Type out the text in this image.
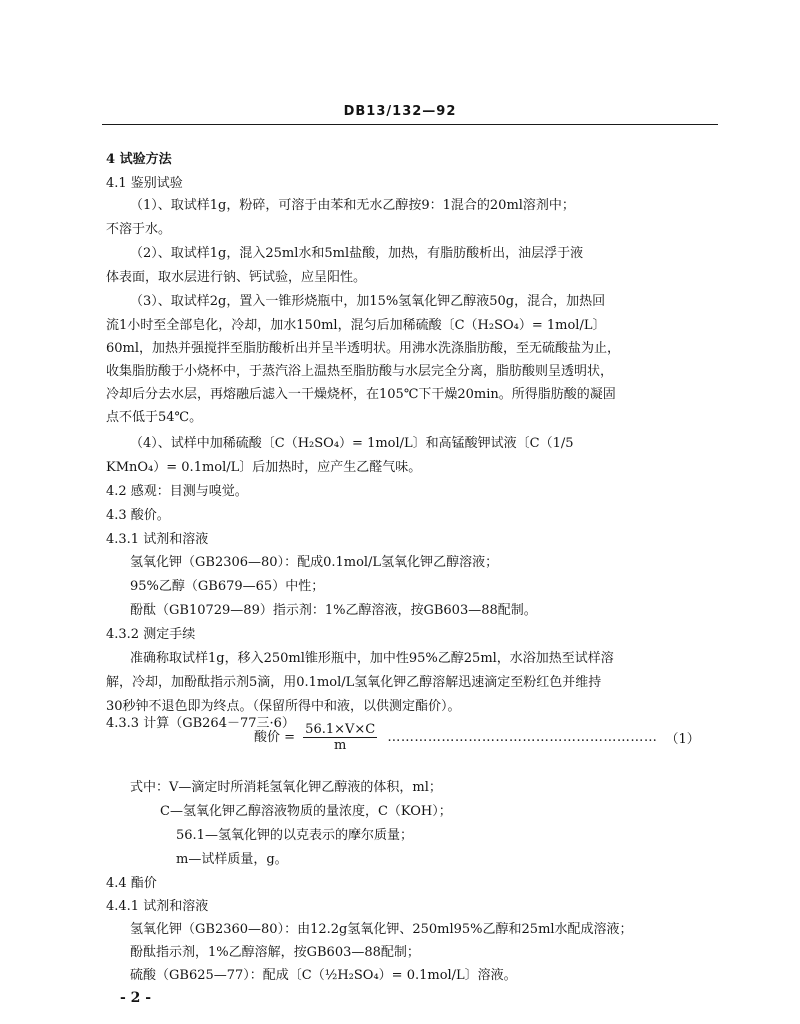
DB13/132—92
4 试验方法
4.1 鉴别试验
（1）、取试样1g，粉碎，可溶于由苯和无水乙醇按9：1混合的20ml溶剂中；
不溶于水。
（2）、取试样1g，混入25ml水和5ml盐酸，加热，有脂肪酸析出，油层浮于液
体表面，取水层进行钠、钙试验，应呈阳性。
（3）、取试样2g，置入一锥形烧瓶中，加15%氢氧化钾乙醇液50g，混合，加热回
流1小时至全部皂化，冷却，加水150ml，混匀后加稀硫酸〔C（H₂SO₄）= 1mol/L〕
60ml，加热并强搅拌至脂肪酸析出并呈半透明状。用沸水洗涤脂肪酸，至无硫酸盐为止，
收集脂肪酸于小烧杯中，于蒸汽浴上温热至脂肪酸与水层完全分离，脂肪酸则呈透明状，
冷却后分去水层，再熔融后滤入一干燥烧杯，在105℃下干燥20min。所得脂肪酸的凝固
点不低于54℃。
（4）、试样中加稀硫酸〔C（H₂SO₄）= 1mol/L〕和高锰酸钾试液〔C（1/5
KMnO₄）= 0.1mol/L〕后加热时，应产生乙醛气味。
4.2 感观：目测与嗅觉。
4.3 酸价。
4.3.1 试剂和溶液
氢氧化钾（GB2306—80）：配成0.1mol/L氢氧化钾乙醇溶液；
95%乙醇（GB679—65）中性；
酚酞（GB10729—89）指示剂：1%乙醇溶液，按GB603—88配制。
4.3.2 测定手续
准确称取试样1g，移入250ml锥形瓶中，加中性95%乙醇25ml，水浴加热至试样溶
解，冷却，加酚酞指示剂5滴，用0.1mol/L氢氧化钾乙醇溶解迅速滴定至粉红色并维持
30秒钟不退色即为终点。（保留所得中和液，以供测定酯价）。
4.3.3 计算（GB264－77三·6）
酸价 = $\frac{56.1\times V\times C}{m}$ …………………………………………………… （1）
式中：V—滴定时所消耗氢氧化钾乙醇液的体积，ml；
C—氢氧化钾乙醇溶液物质的量浓度，C（KOH）；
56.1—氢氧化钾的以克表示的摩尔质量；
m—试样质量，g。
4.4 酯价
4.4.1 试剂和溶液
氢氧化钾（GB2360—80）：由12.2g氢氧化钾、250ml95%乙醇和25ml水配成溶液；
酚酞指示剂，1%乙醇溶解，按GB603—88配制；
硫酸（GB625—77）：配成〔C（½H₂SO₄）= 0.1mol/L〕溶液。
- 2 -
